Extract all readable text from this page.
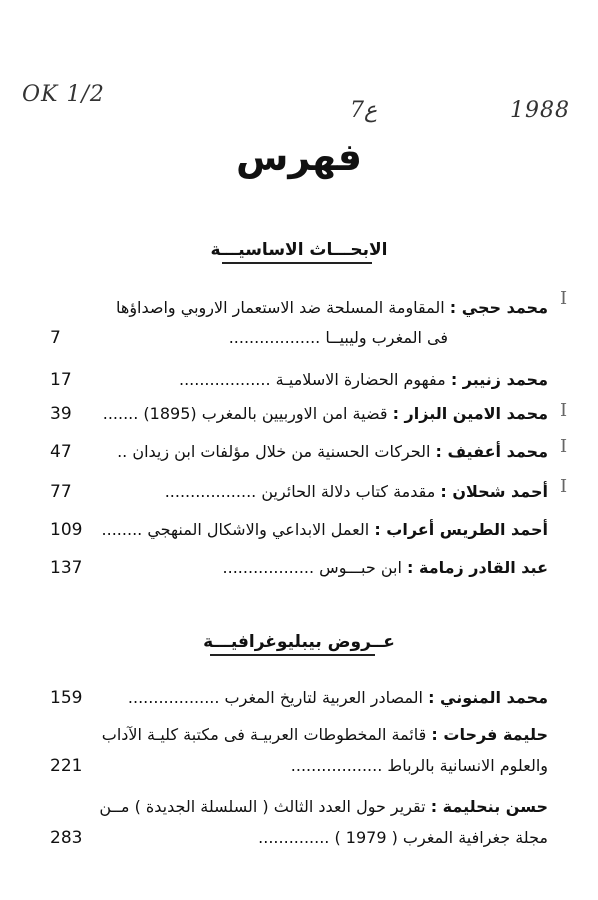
OK 1/2
7ع	1988
فهرس
الابحـــاث الاساسيـــة
محمد حجي : المقاومة المسلحة ضد الاستعمار الاروبي واصداؤها
فى المغرب وليبيــا ..................
7
I
محمد زنيبر : مفهوم الحضارة الاسلاميـة ..................
17
محمد الامين البزار : قضية امن الاوربيين بالمغرب (1895) .......
39	I
محمد أعفيف : الحركات الحسنية من خلال مؤلفات ابن زيدان ..
47	I
أحمد شحلان : مقدمة كتاب دلالة الحائرين ..................
77	I
أحمد الطريس أعراب : العمل الابداعي والاشكال المنهجي ........
109
عبد القادر زمامة : ابن حبـــوس ..................
137
عــروض بيبليوغرافيـــة
محمد المنوني : المصادر العربية لتاريخ المغرب ..................
159
حليمة فرحات : قائمة المخطوطات العربيـة فى مكتبة كليـة الآداب
والعلوم الانسانية بالرباط ..................
221
حسن بنحليمة : تقرير حول العدد الثالث ( السلسلة الجديدة ) مــن
مجلة جغرافية المغرب ( 1979 ) ..............
283
